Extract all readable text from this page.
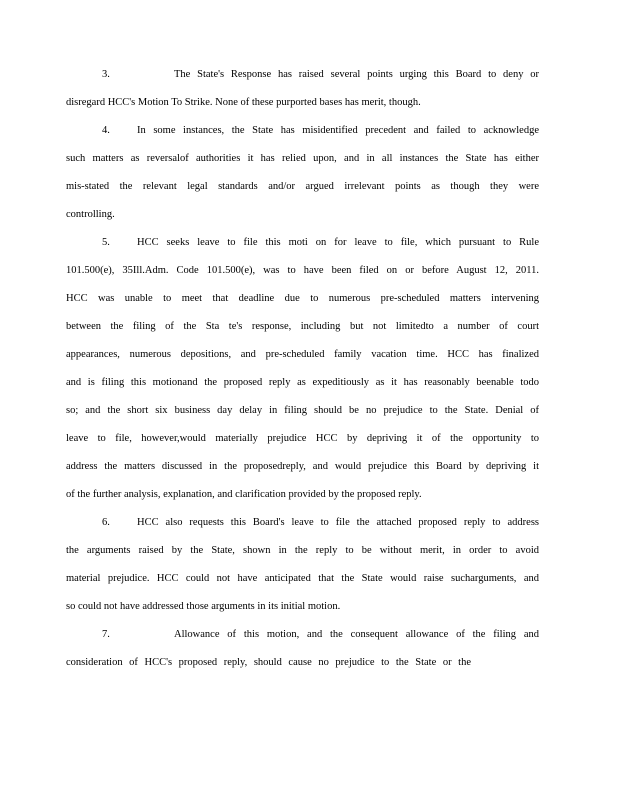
3.	The State's Response has raised several points urging this Board to deny or
disregard HCC's Motion To Strike. None of these purported bases has merit, though.
4.	In some instances, the State has misidentified precedent and failed to acknowledge
such matters as reversalof authorities it has relied upon, and in all instances the State has either
mis-stated the relevant legal standards and/or argued irrelevant points as though they were
controlling.
5.	HCC seeks leave to file this moti on for leave to file, which pursuant to Rule
101.500(e), 35Ill.Adm. Code 101.500(e), was to have been filed on or before August 12, 2011.
HCC was unable to meet that deadline due to numerous pre-scheduled matters intervening
between the filing of the Sta te's response, including but not limitedto a number of court
appearances, numerous depositions, and pre-scheduled family vacation time. HCC has finalized
and is filing this motionand the proposed reply as expeditiously as it has reasonably beenable todo
so; and the short six business day delay in filing should be no prejudice to the State. Denial of
leave to file, however,would materially prejudice HCC by depriving it of the opportunity to
address the matters discussed in the proposedreply, and would prejudice this Board by depriving it
of the further analysis, explanation, and clarification provided by the proposed reply.
6.	HCC also requests this Board's leave to file the attached proposed reply to address
the arguments raised by the State, shown in the reply to be without merit, in order to avoid
material prejudice. HCC could not have anticipated that the State would raise sucharguments, and
so could not have addressed those arguments in its initial motion.
7.	Allowance of this motion, and the consequent allowance of the filing and
consideration of HCC's proposed reply, should cause no prejudice to the State or the
